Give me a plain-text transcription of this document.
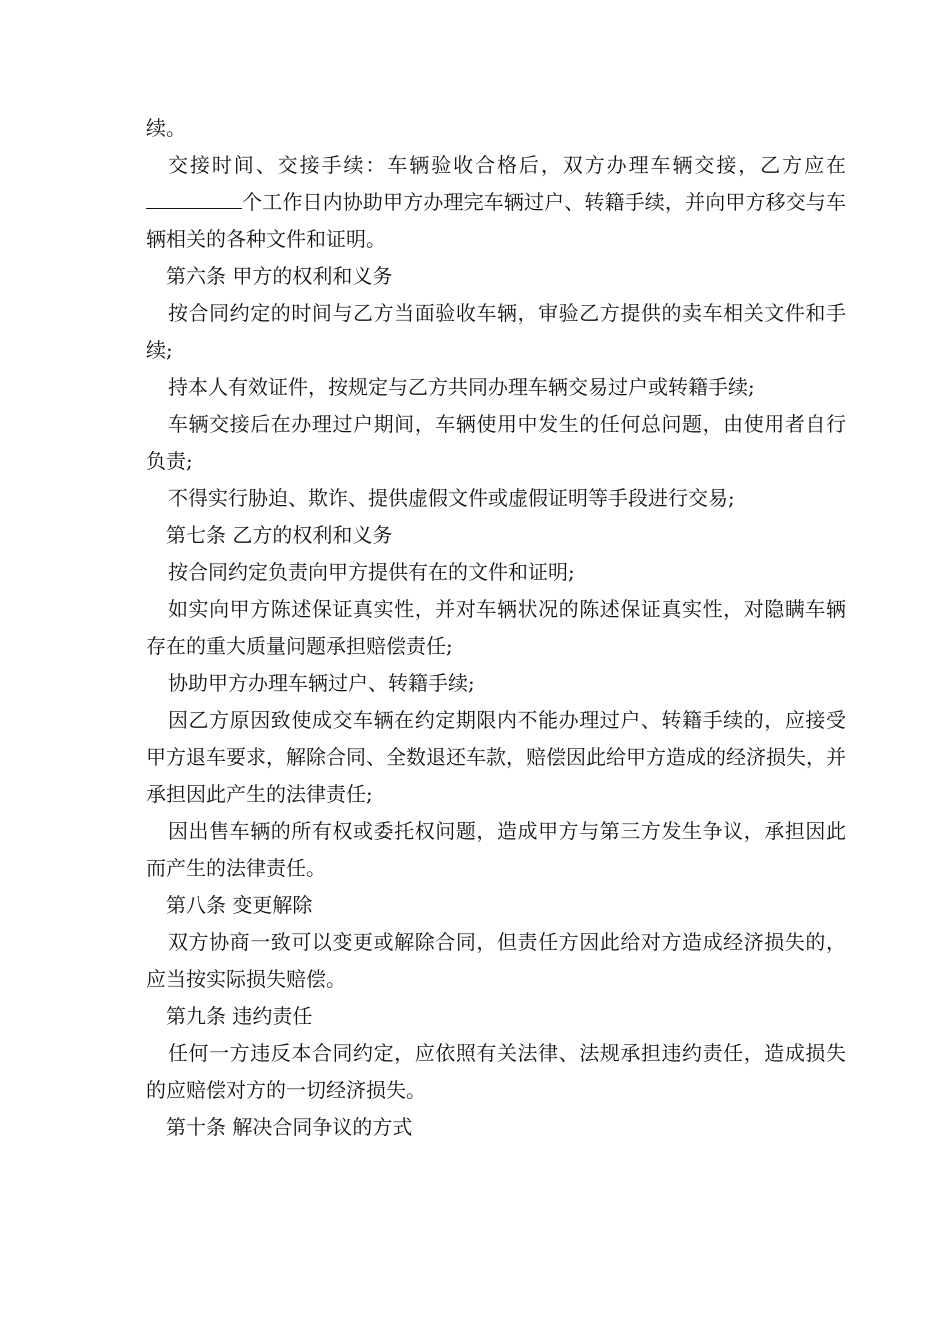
续。

交接时间、交接手续：车辆验收合格后，双方办理车辆交接，乙方应在个工作日内协助甲方办理完车辆过户、转籍手续，并向甲方移交与车辆相关的各种文件和证明。

第六条 甲方的权利和义务

按合同约定的时间与乙方当面验收车辆，审验乙方提供的卖车相关文件和手续;

持本人有效证件，按规定与乙方共同办理车辆交易过户或转籍手续;

车辆交接后在办理过户期间，车辆使用中发生的任何总问题，由使用者自行负责;

不得实行胁迫、欺诈、提供虚假文件或虚假证明等手段进行交易;

第七条 乙方的权利和义务

按合同约定负责向甲方提供有在的文件和证明;

如实向甲方陈述保证真实性，并对车辆状况的陈述保证真实性，对隐瞒车辆存在的重大质量问题承担赔偿责任;

协助甲方办理车辆过户、转籍手续;

因乙方原因致使成交车辆在约定期限内不能办理过户、转籍手续的，应接受甲方退车要求，解除合同、全数退还车款，赔偿因此给甲方造成的经济损失，并承担因此产生的法律责任;

因出售车辆的所有权或委托权问题，造成甲方与第三方发生争议，承担因此而产生的法律责任。

第八条 变更解除

双方协商一致可以变更或解除合同，但责任方因此给对方造成经济损失的，应当按实际损失赔偿。

第九条 违约责任

任何一方违反本合同约定，应依照有关法律、法规承担违约责任，造成损失的应赔偿对方的一切经济损失。

第十条 解决合同争议的方式
